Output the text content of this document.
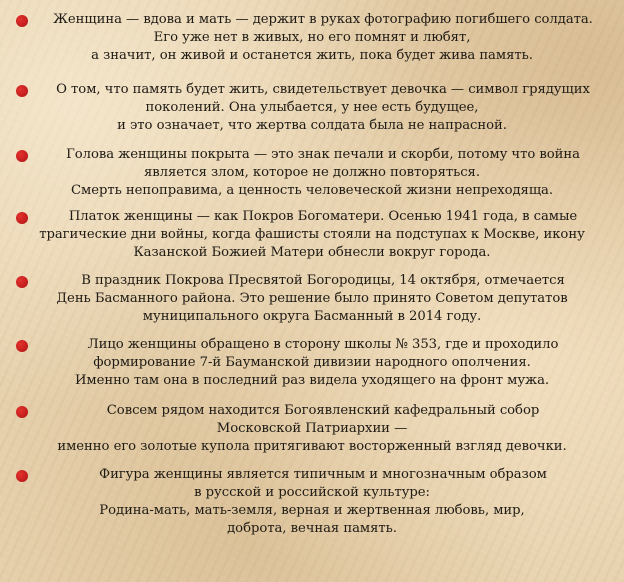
Женщина — вдова и мать — держит в руках фотографию погибшего солдата.
Его уже нет в живых, но его помнят и любят,
а значит, он живой и останется жить, пока будет жива память.
О том, что память будет жить, свидетельствует девочка — символ грядущих
поколений. Она улыбается, у нее есть будущее,
и это означает, что жертва солдата была не напрасной.
Голова женщины покрыта — это знак печали и скорби, потому что война
является злом, которое не должно повторяться.
Смерть непоправима, а ценность человеческой жизни непреходяща.
Платок женщины — как Покров Богоматери. Осенью 1941 года, в самые
трагические дни войны, когда фашисты стояли на подступах к Москве, икону
Казанской Божией Матери обнесли вокруг города.
В праздник Покрова Пресвятой Богородицы, 14 октября, отмечается
День Басманного района. Это решение было принято Советом депутатов
муниципального округа Басманный в 2014 году.
Лицо женщины обращено в сторону школы № 353, где и проходило
формирование 7-й Бауманской дивизии народного ополчения.
Именно там она в последний раз видела уходящего на фронт мужа.
Совсем рядом находится Богоявленский кафедральный собор
Московской Патриархии —
именно его золотые купола притягивают восторженный взгляд девочки.
Фигура женщины является типичным и многозначным образом
в русской и российской культуре:
Родина-мать, мать-земля, верная и жертвенная любовь, мир,
доброта, вечная память.
